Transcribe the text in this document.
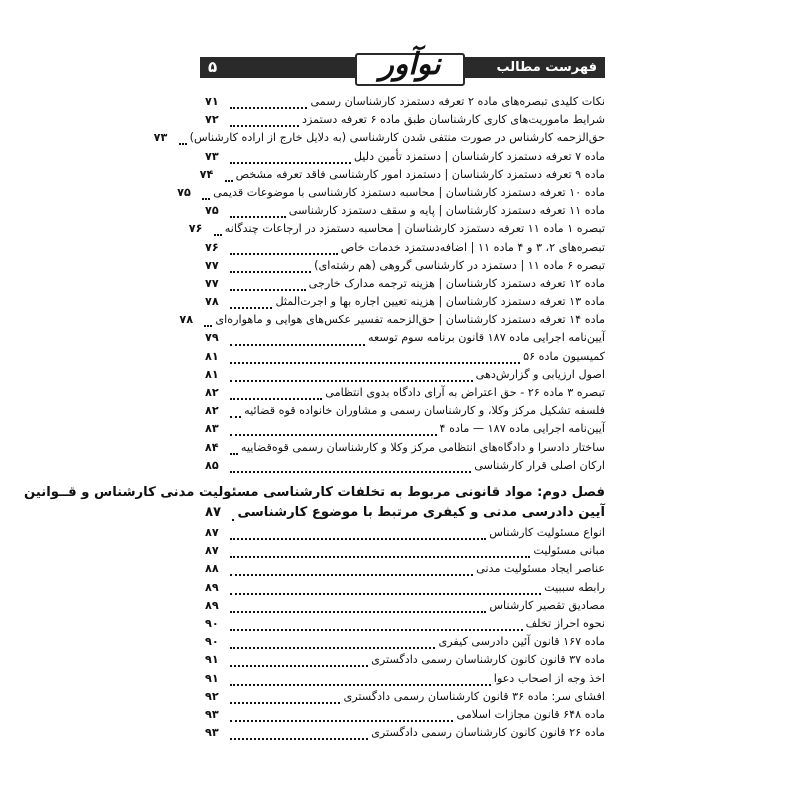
۵	فهرست مطالب
نوآور
نکات کلیدی تبصره‌های ماده ۲ تعرفه دستمزد کارشناسان رسمی
۷۱
شرایط ماموریت‌های کاری کارشناسان طبق ماده ۶ تعرفه دستمزد
۷۲
حق‌الزحمه کارشناس در صورت منتفی شدن کارشناسی (به دلایل خارج از اراده کارشناس)
۷۳
ماده ۷ تعرفه دستمزد کارشناسان | دستمزد تأمین دلیل
۷۳
ماده ۹ تعرفه دستمزد کارشناسان | دستمزد امور کارشناسی فاقد تعرفه مشخص
۷۴
ماده ۱۰ تعرفه دستمزد کارشناسان | محاسبه دستمزد کارشناسی با موضوعات قدیمی
۷۵
ماده ۱۱ تعرفه دستمزد کارشناسان | پایه و سقف دستمزد کارشناسی
۷۵
تبصره ۱ ماده ۱۱ تعرفه دستمزد کارشناسان | محاسبه دستمزد در ارجاعات چندگانه
۷۶
تبصره‌های ۲، ۳ و ۴ ماده ۱۱ | اضافه‌دستمزد خدمات خاص
۷۶
تبصره ۶ ماده ۱۱ | دستمزد در کارشناسی گروهی (هم رشته‌ای)
۷۷
ماده ۱۲ تعرفه دستمزد کارشناسان | هزینه ترجمه مدارک خارجی
۷۷
ماده ۱۳ تعرفه دستمزد کارشناسان | هزینه تعیین اجاره بها و اجرت‌المثل
۷۸
ماده ۱۴ تعرفه دستمزد کارشناسان | حق‌الزحمه تفسیر عکس‌های هوایی و ماهواره‌ای
۷۸
آیین‌نامه اجرایی ماده ۱۸۷ قانون برنامه سوم توسعه
۷۹
کمیسیون ماده ۵۶
۸۱
اصول ارزیابی و گزارش‌دهی
۸۱
تبصره ۳ ماده ۲۶ - حق اعتراض به آرای دادگاه بدوی انتظامی
۸۲
فلسفه تشکیل مرکز وکلا، و کارشناسان رسمی و مشاوران خانواده قوه قضائیه
۸۲
آیین‌نامه اجرایی ماده ۱۸۷ — ماده ۴
۸۳
ساختار دادسرا و دادگاه‌های انتظامی مرکز وکلا و کارشناسان رسمی قوه‌قضاییه
۸۴
ارکان اصلی قرار کارشناسی
۸۵
فصل دوم: مواد قانونی مربوط به تخلفات کارشناسی مسئولیت مدنی کارشناس و قــوانین
آیین دادرسی مدنی و کیفری مرتبط با موضوع کارشناسی
۸۷
انواع مسئولیت کارشناس
۸۷
مبانی مسئولیت
۸۷
عناصر ایجاد مسئولیت مدنی
۸۸
رابطه سببیت
۸۹
مصادیق تقصیر کارشناس
۸۹
نحوه احراز تخلف
۹۰
ماده ۱۶۷ قانون آئین دادرسی کیفری
۹۰
ماده ۳۷ قانون کانون کارشناسان رسمی دادگستری
۹۱
اخذ وجه از اصحاب دعوا
۹۱
افشای سر: ماده ۳۶ قانون کارشناسان رسمی دادگستری
۹۲
ماده ۶۴۸ قانون مجازات اسلامی
۹۳
ماده ۲۶ قانون کانون کارشناسان رسمی دادگستری
۹۳
